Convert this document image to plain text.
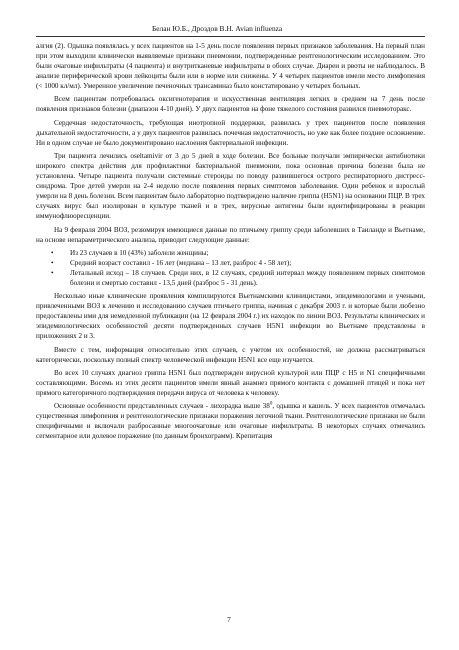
Белан Ю.Б., Дроздов В.Н. Avian influenza

алгия (2). Одышка появлялась у всех пациентов на 1-5 день после появления первых признаков заболевания. На первый план при этом выходили клинически выявляемые признаки пневмонии, подтвержденные рентгенологическим исследованием. Это были очаговые инфильтраты (4 пациента) и внутритканевые инфильтраты в обоих случае. Диареи и рвоты не наблюдалось. В анализе периферической крови лейкоциты были или в норме или снижены. У 4 четырех пациентов имели место лимфопения (< 1000 кл/мл). Умеренное увеличение печеночных трансаминаз было констатировано у четырех больных.

Всем пациентам потребовалась оксигенотерапия и искусственная вентиляция легких в среднем на 7 день после появления признаков болезни (диапазон 4-10 дней). У двух пациентов на фоне тяжелого состояния развился пневмоторакс.

Сердечная недостаточность, требующая инотропной поддержки, развилась у трех пациентов после появления дыхательной недостаточности, а у двух пациентов развилась почечная недостаточность, но уже как более позднее осложнение. Ни в одном случае не было документировано наслоения бактериальной инфекции.

Три пациента лечились oseltamivir от 3 до 5 дней в ходе болезни. Все больные получали эмпирически антибиотики широкого спектра действия для профилактики бактериальной пневмонии, пока основная причина болезни была не установлена. Четыре пациента получали системные стероиды по поводу развившегося острого респираторного дистресс-синдрома. Трое детей умерли на 2-4 неделю после появления первых симптомов заболевания. Один ребенок и взрослый умерли на 8 день болезни. Всем пациентам было лабораторно подтверждено наличие гриппа (H5N1) на основании ПЦР. В трех случаях вирус был изолирован в культуре тканей и в трех, вирусные антигены были идентифицированы в реакции иммунофлюоресценции.

На 9 февраля 2004 ВОЗ, резюмируя имеющиеся данные по птичьему гриппу среди заболевших в Таиланде и Вьетнаме, на основе непараметрического анализа, приводит следующие данные:

• Из 23 случаев в 10 (43%) заболели женщины;
• Средний возраст составил - 16 лет (медиана – 13 лет, разброс 4 - 58 лет);
• Летальный исход – 18 случаев. Среди них, в 12 случаях, средний интервал между появлением первых симптомов болезни и смертью составил - 13,5 дней (разброс 5 - 31 день).

Несколько иные клинические проявления компилируются Вьетнамскими клиницистами, эпидемиологами и учеными, привлеченными ВОЗ к лечению и исследованию случаев птичьего гриппа, начиная с декабря 2003 г. и которые были любезно предоставлены ими для немедленной публикации (на 12 февраля 2004 г.) их находок по линии ВОЗ. Результаты клинических и эпидемиологических особенностей десяти подтвержденных случаев H5N1 инфекции во Вьетнаме представлены в приложениях 2 и 3.

Вместе с тем, информация относительно этих случаев, с учетом их особенностей, не должна рассматриваться категорически, поскольку полный спектр человеческой инфекции H5N1 все еще изучается.

Во всех 10 случаях диагноз гриппа H5N1 был подтвержден вирусной культурой или ПЦР с H5 и N1 специфичными составляющими. Восемь из этих десяти пациентов имели явный анамнез прямого контакта с домашней птицей и пока нет прямого категоричного подтверждения передачи вируса от человека к человеку.

Основные особенности представленных случаев - лихорадка выше $38^0$, одышка и кашель. У всех пациентов отмечалась существенная лимфопения и рентгенологические признаки поражения легочной ткани. Рентгенологические признаки не были специфичными и включали разбросанные многоочаговые или очаговые инфильтраты. В некоторых случаях отмечались сегментарное или долевое поражение (по данным бронхограмм). Крепитация

7
